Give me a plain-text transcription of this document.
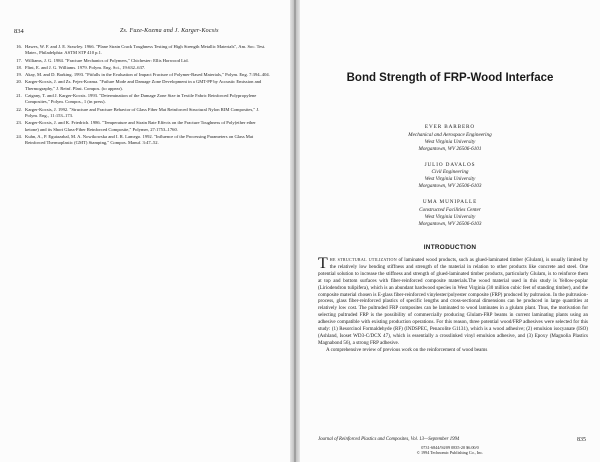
834	Zs. Fuze-Kozma and J. Karger-Kocsis
16. Hawes, W. F. and J. E. Srawley. 1966. "Plane Strain Crack Toughness Testing of High Strength Metallic Materials", Am. Soc. Test. Mater., Philadelphia: ASTM STP 410 p.1.
17. Williams, J. G. 1984. "Fracture Mechanics of Polymers," Chichester: Ellis Horwood Ltd.
18. Flint, E. and J. G. Williams. 1979. Polym. Eng. Sci., 19:632–637.
19. Akay, M. and D. Barking. 1993. "Pitfalls in the Evaluation of Impact Fracture of Polymer-Based Materials," Polym. Eng. 7:394–404.
20. Karger-Kocsis, J. and Zs. Fejes-Kozma. "Failure Mode and Damage Zone Development in a GMT-PP by Acoustic Emission and Thermography," J. Reinf. Plast. Compos. (to appear).
21. Czigany, T. and J. Karger-Kocsis. 1993. "Determination of the Damage Zone Size in Textile Fabric Reinforced Polypropylene Composites," Polym. Compos., 1 (in press).
22. Karger-Kocsis, J. 1992. "Structure and Fracture Behavior of Glass Fiber Mat Reinforced Structural Nylon RIM Composites," J. Polym. Eng., 11:153–173.
23. Karger-Kocsis, J. and K. Friedrich. 1986. "Temperature and Strain Rate Effects on the Fracture Toughness of Poly(ether ether ketone) and its Short Glass-Fiber Reinforced Composite," Polymer, 27:1753–1760.
24. Kuhn, A., P. Eguiazabal, M. A. Nowikowska and I. R. Lamego. 1992. "Influence of the Processing Parameters on Glass Mat Reinforced Thermoplastic (GMT) Stamping," Compos. Manuf. 3:47–52.
Bond Strength of FRP-Wood Interface
EVER BARBERO
Mechanical and Aerospace Engineering
West Virginia University
Morgantown, WV 26506-6101
JULIO DAVALOS
Civil Engineering
West Virginia University
Morgantown, WV 26506-6103
UMA MUNIPALLE
Constructed Facilities Center
West Virginia University
Morgantown, WV 26506-6103
INTRODUCTION

The structural utilization of laminated wood products, such as glued-laminated timber (Glulam), is usually limited by the relatively low bending stiffness and strength of the material in relation to other products like concrete and steel. One potential solution to increase the stiffness and strength of glued-laminated timber products, particularly Glulam, is to reinforce them at top and bottom surfaces with fiber-reinforced composite materials.The wood material used in this study is Yellow-poplar (Liriodendron tulipifera), which is an abundant hardwood species in West Virginia (30 million cubic feet of standing timber), and the composite material chosen is E-glass fiber-reinforced vinylester/polyester composite (FRP) produced by pultrusion. In the pultrusion-process, glass fiber-reinforced plastics of specific lengths and cross-sectional dimensions can be produced in large quantities at relatively low cost. The pultruded FRP composites can be laminated to wood laminates in a glulam plant. Thus, the motivation for selecting pultruded FRP is the possibility of commercially producing Glulam-FRP beams in current laminating plants using an adhesive compatible with existing production operations. For this reason, three potential wood/FRP adhesives were selected for this study: (1) Resorcinol Formaldehyde (RF) (INDSPEC, Penacolite G1131), which is a wood adhesive; (2) emulsion isocyanate (ISO) (Ashland, Isoset WD3-C/DCX 47), which is essentially a crosslinked vinyl emulsion adhesive, and (3) Epoxy (Magnolia Plastics Magnabond 56), a strong FRP adhesive.

A comprehensive review of previous work on the reinforcement of wood beams

Journal of Reinforced Plastics and Composites, Vol. 13—September 1994	835
0731-6844/94/09 0835-20 $6.00/0
© 1994 Technomic Publishing Co., Inc.
